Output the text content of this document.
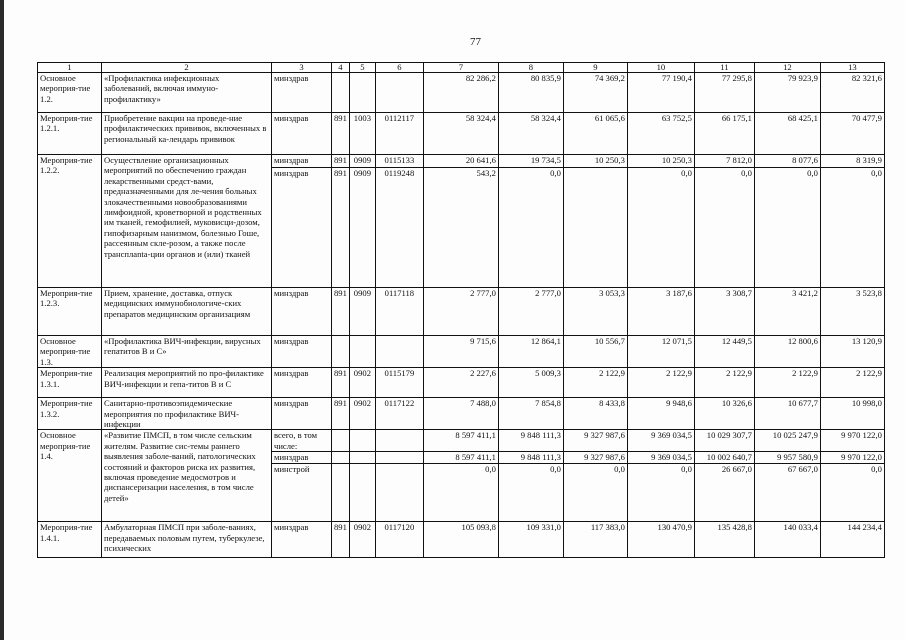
77
1	2	3	4	5	6	7	8	9	10	11	12	13
Основное мероприя-тие 1.2.	«Профилактика инфекционных заболеваний, включая иммуно-профилактику»	минздрав				82 286,2	80 835,9	74 369,2	77 190,4	77 295,8	79 923,9	82 321,6
Мероприя-тие 1.2.1.	Приобретение вакцин на проведе-ние профилактических прививок, включенных в региональный ка-лендарь прививок	минздрав	891	1003	0112117	58 324,4	58 324,4	61 065,6	63 752,5	66 175,1	68 425,1	70 477,9
Мероприя-тие 1.2.2.	Осуществление организационных мероприятий по обеспечению граждан лекарственными средст-вами, предназначенными для ле-чения больных злокачественными новообразованиями лимфоидной, кроветворной и родственных им тканей, гемофилией, муковисци-дозом, гипофизарным нанизмом, болезнью Гоше, рассеянным скле-розом, а также после трансплanta-ции органов и (или) тканей	минздрав	891	0909	0115133	20 641,6	19 734,5	10 250,3	10 250,3	7 812,0	8 077,6	8 319,9
		минздрав	891	0909	0119248	543,2	0,0		0,0	0,0	0,0	0,0
Мероприя-тие 1.2.3.	Прием, хранение, доставка, отпуск медицинских иммунобиологиче-ских препаратов медицинским организациям	минздрав	891	0909	0117118	2 777,0	2 777,0	3 053,3	3 187,6	3 308,7	3 421,2	3 523,8
Основное мероприя-тие 1.3.	«Профилактика ВИЧ-инфекции, вирусных гепатитов В и С»	минздрав				9 715,6	12 864,1	10 556,7	12 071,5	12 449,5	12 800,6	13 120,9
Мероприя-тие 1.3.1.	Реализация мероприятий по про-филактике ВИЧ-инфекции и гепа-титов В и С	минздрав	891	0902	0115179	2 227,6	5 009,3	2 122,9	2 122,9	2 122,9	2 122,9	2 122,9
Мероприя-тие 1.3.2.	Санитарно-противоэпидемические мероприятия по профилактике ВИЧ-инфекции	минздрав	891	0902	0117122	7 488,0	7 854,8	8 433,8	9 948,6	10 326,6	10 677,7	10 998,0
Основное мероприя-тие 1.4.	«Развитие ПМСП, в том числе сельским жителям. Развитие сис-темы раннего выявления заболе-ваний, патологических состояний и факторов риска их развития, включая проведение медосмотров и диспансеризации населения, в том числе детей»	всего, в том числе:				8 597 411,1	9 848 111,3	9 327 987,6	9 369 034,5	10 029 307,7	10 025 247,9	9 970 122,0
		минздрав				8 597 411,1	9 848 111,3	9 327 987,6	9 369 034,5	10 002 640,7	9 957 580,9	9 970 122,0
		минстрой				0,0	0,0	0,0	0,0	26 667,0	67 667,0	0,0
Мероприя-тие 1.4.1.	Амбулаторная ПМСП при заболе-ваниях, передаваемых половым путем, туберкулезе, психических	минздрав	891	0902	0117120	105 093,8	109 331,0	117 383,0	130 470,9	135 428,8	140 033,4	144 234,4
